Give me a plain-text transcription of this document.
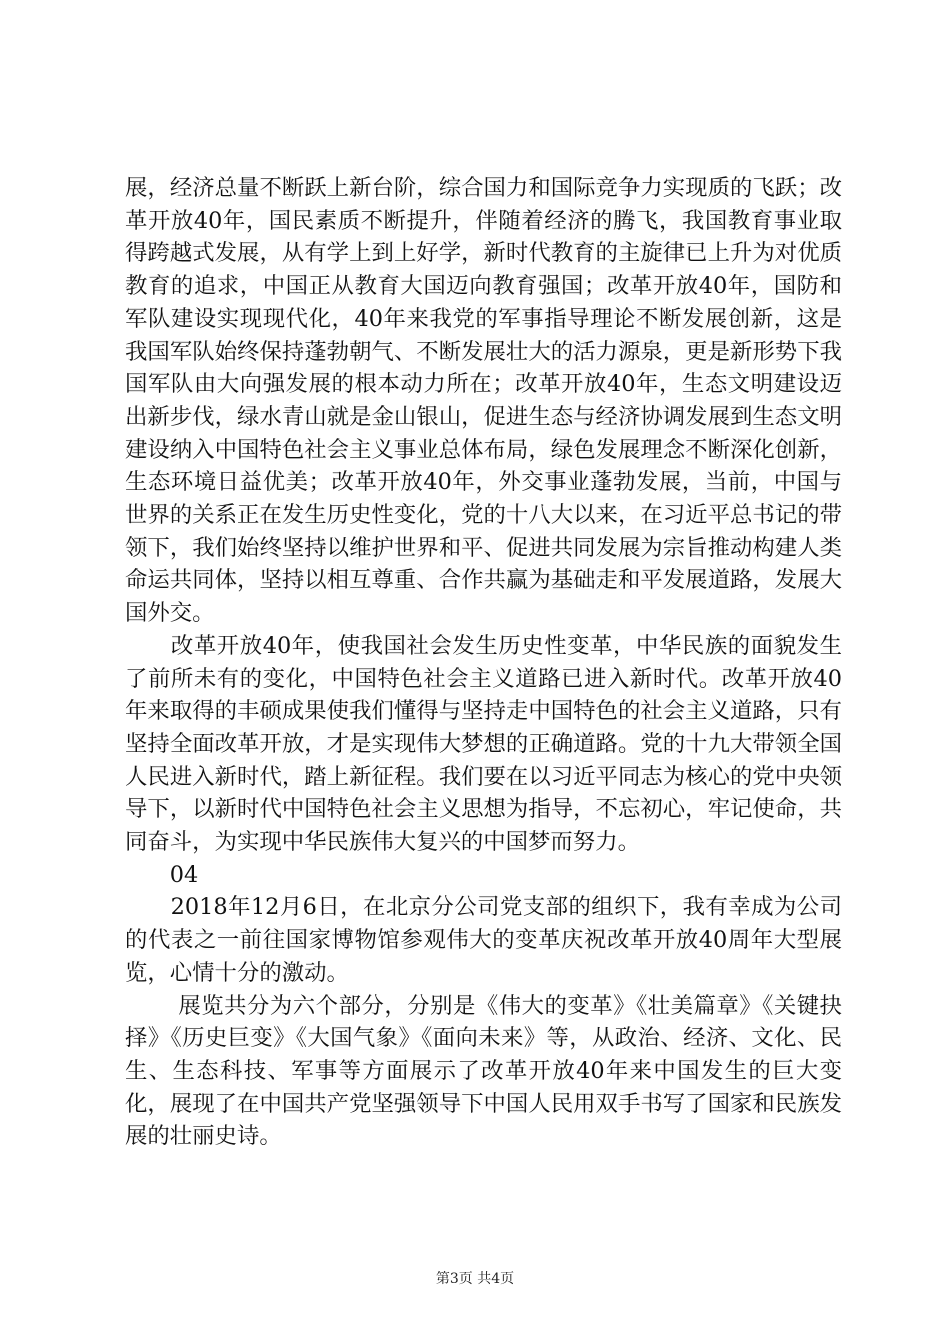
展，经济总量不断跃上新台阶，综合国力和国际竞争力实现质的飞跃；改革开放40年，国民素质不断提升，伴随着经济的腾飞，我国教育事业取得跨越式发展，从有学上到上好学，新时代教育的主旋律已上升为对优质教育的追求，中国正从教育大国迈向教育强国；改革开放40年，国防和军队建设实现现代化，40年来我党的军事指导理论不断发展创新，这是我国军队始终保持蓬勃朝气、不断发展壮大的活力源泉，更是新形势下我国军队由大向强发展的根本动力所在；改革开放40年，生态文明建设迈出新步伐，绿水青山就是金山银山，促进生态与经济协调发展到生态文明建设纳入中国特色社会主义事业总体布局，绿色发展理念不断深化创新，生态环境日益优美；改革开放40年，外交事业蓬勃发展，当前，中国与世界的关系正在发生历史性变化，党的十八大以来，在习近平总书记的带领下，我们始终坚持以维护世界和平、促进共同发展为宗旨推动构建人类命运共同体，坚持以相互尊重、合作共赢为基础走和平发展道路，发展大国外交。

　　改革开放40年，使我国社会发生历史性变革，中华民族的面貌发生了前所未有的变化，中国特色社会主义道路已进入新时代。改革开放40年来取得的丰硕成果使我们懂得与坚持走中国特色的社会主义道路，只有坚持全面改革开放，才是实现伟大梦想的正确道路。党的十九大带领全国人民进入新时代，踏上新征程。我们要在以习近平同志为核心的党中央领导下，以新时代中国特色社会主义思想为指导，不忘初心，牢记使命，共同奋斗，为实现中华民族伟大复兴的中国梦而努力。

　　04

　　2018年12月6日，在北京分公司党支部的组织下，我有幸成为公司的代表之一前往国家博物馆参观伟大的变革庆祝改革开放40周年大型展览，心情十分的激动。

　　 展览共分为六个部分，分别是《伟大的变革》《壮美篇章》《关键抉择》《历史巨变》《大国气象》《面向未来》等，从政治、经济、文化、民生、生态科技、军事等方面展示了改革开放40年来中国发生的巨大变化，展现了在中国共产党坚强领导下中国人民用双手书写了国家和民族发展的壮丽史诗。

第3页 共4页
